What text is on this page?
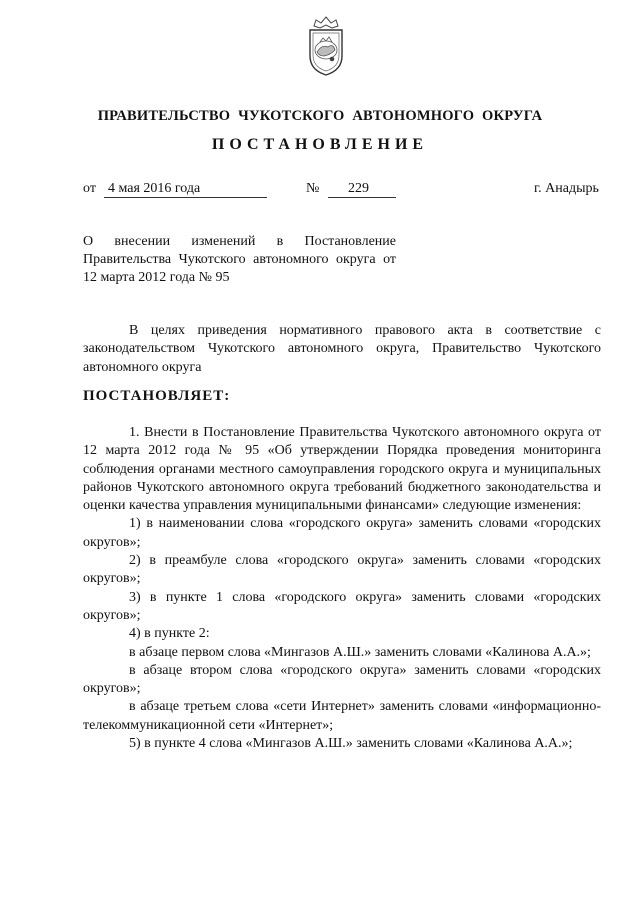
ПРАВИТЕЛЬСТВО ЧУКОТСКОГО АВТОНОМНОГО ОКРУГА
ПОСТАНОВЛЕНИЕ
от 4 мая 2016 года	№	229	г. Анадырь
О внесении изменений в Постановление Правительства Чукотского автономного округа от 12 марта 2012 года № 95
В целях приведения нормативного правового акта в соответствие с законодательством Чукотского автономного округа, Правительство Чукотского автономного округа
ПОСТАНОВЛЯЕТ:

1. Внести в Постановление Правительства Чукотского автономного округа от 12 марта 2012 года № 95 «Об утверждении Порядка проведения мониторинга соблюдения органами местного самоуправления городского округа и муниципальных районов Чукотского автономного округа требований бюджетного законодательства и оценки качества управления муниципальными финансами» следующие изменения:

1) в наименовании слова «городского округа» заменить словами «городских округов»;

2) в преамбуле слова «городского округа» заменить словами «городских округов»;

3) в пункте 1 слова «городского округа» заменить словами «городских округов»;

4) в пункте 2:

в абзаце первом слова «Мингазов А.Ш.» заменить словами «Калинова А.А.»;

в абзаце втором слова «городского округа» заменить словами «городских округов»;

в абзаце третьем слова «сети Интернет» заменить словами «информационно-телекоммуникационной сети «Интернет»;

5) в пункте 4 слова «Мингазов А.Ш.» заменить словами «Калинова А.А.»;
